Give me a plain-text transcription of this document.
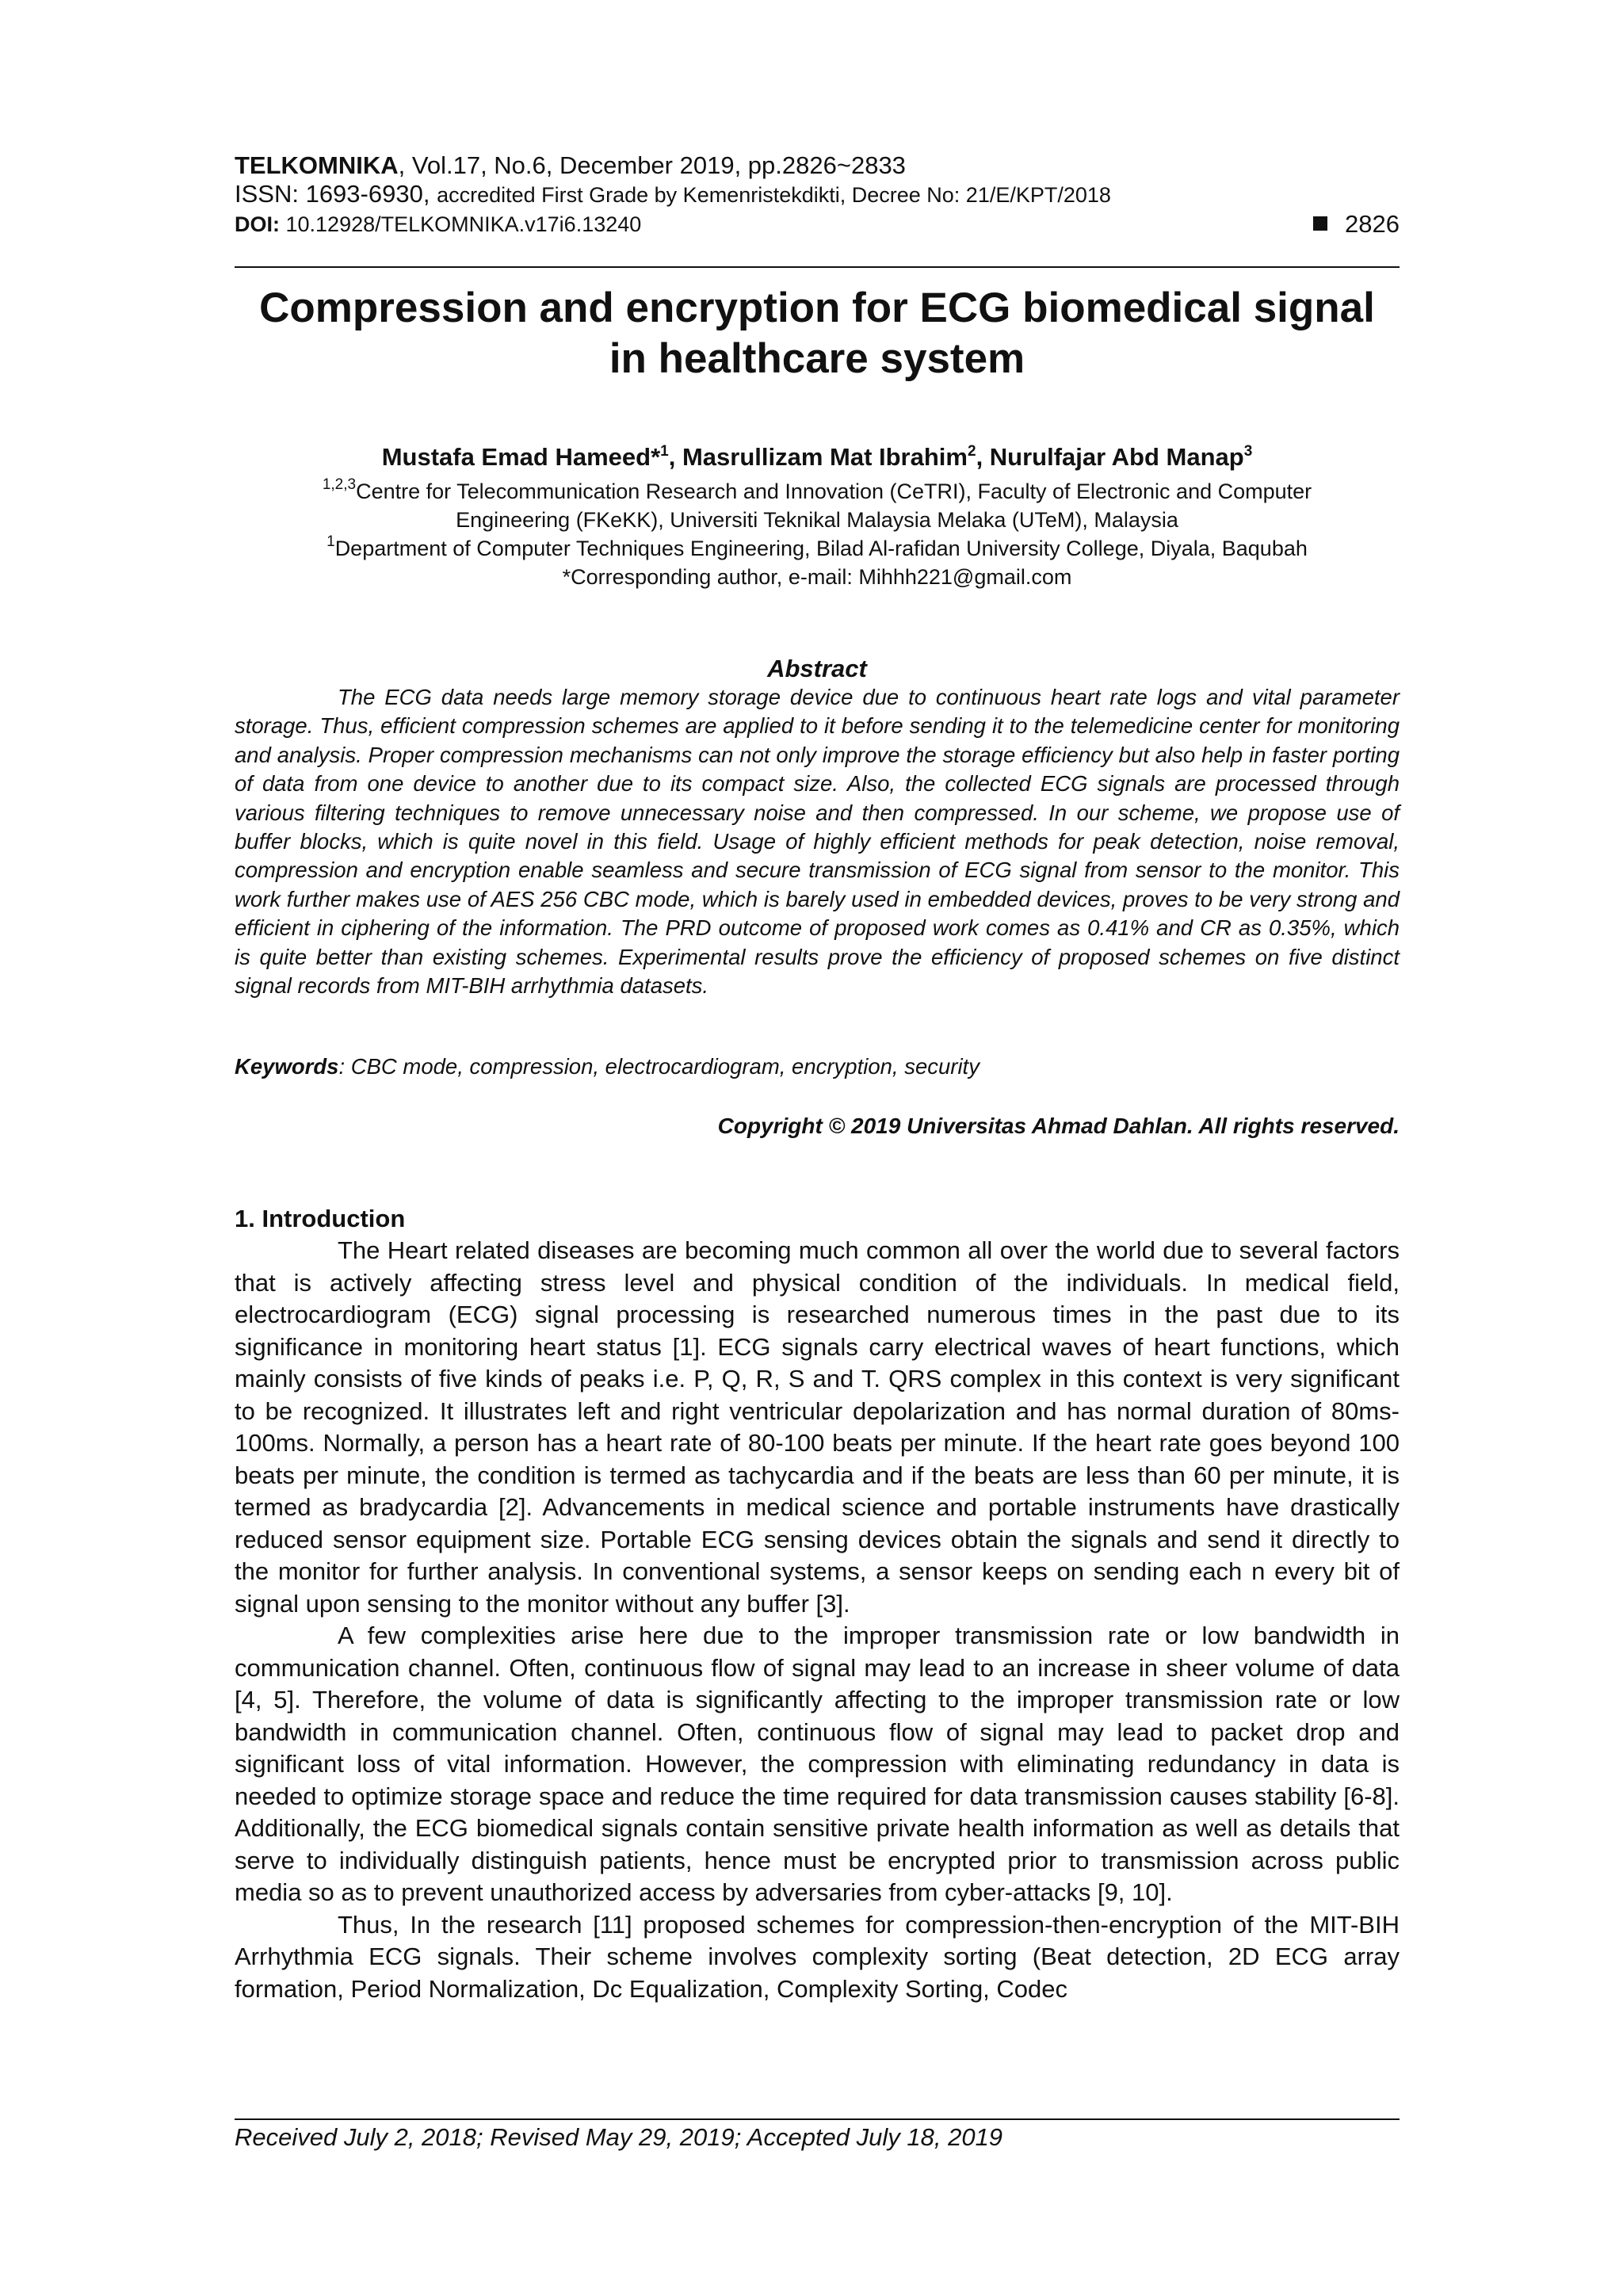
TELKOMNIKA, Vol.17, No.6, December 2019, pp.2826~2833
ISSN: 1693-6930, accredited First Grade by Kemenristekdikti, Decree No: 21/E/KPT/2018
DOI: 10.12928/TELKOMNIKA.v17i6.13240	2826
Compression and encryption for ECG biomedical signal
in healthcare system
Mustafa Emad Hameed*$^1$, Masrullizam Mat Ibrahim$^2$, Nurulfajar Abd Manap$^3$
$^{1,2,3}$Centre for Telecommunication Research and Innovation (CeTRI), Faculty of Electronic and Computer
Engineering (FKeKK), Universiti Teknikal Malaysia Melaka (UTeM), Malaysia
$^1$Department of Computer Techniques Engineering, Bilad Al-rafidan University College, Diyala, Baqubah
*Corresponding author, e-mail: Mihhh221@gmail.com
Abstract
The ECG data needs large memory storage device due to continuous heart rate logs and vital parameter storage. Thus, efficient compression schemes are applied to it before sending it to the telemedicine center for monitoring and analysis. Proper compression mechanisms can not only improve the storage efficiency but also help in faster porting of data from one device to another due to its compact size. Also, the collected ECG signals are processed through various filtering techniques to remove unnecessary noise and then compressed. In our scheme, we propose use of buffer blocks, which is quite novel in this field. Usage of highly efficient methods for peak detection, noise removal, compression and encryption enable seamless and secure transmission of ECG signal from sensor to the monitor. This work further makes use of AES 256 CBC mode, which is barely used in embedded devices, proves to be very strong and efficient in ciphering of the information. The PRD outcome of proposed work comes as 0.41% and CR as 0.35%, which is quite better than existing schemes. Experimental results prove the efficiency of proposed schemes on five distinct signal records from MIT-BIH arrhythmia datasets.
Keywords: CBC mode, compression, electrocardiogram, encryption, security
Copyright © 2019 Universitas Ahmad Dahlan. All rights reserved.
1. Introduction

The Heart related diseases are becoming much common all over the world due to several factors that is actively affecting stress level and physical condition of the individuals. In medical field, electrocardiogram (ECG) signal processing is researched numerous times in the past due to its significance in monitoring heart status [1]. ECG signals carry electrical waves of heart functions, which mainly consists of five kinds of peaks i.e. P, Q, R, S and T. QRS complex in this context is very significant to be recognized. It illustrates left and right ventricular depolarization and has normal duration of 80ms-100ms. Normally, a person has a heart rate of 80-100 beats per minute. If the heart rate goes beyond 100 beats per minute, the condition is termed as tachycardia and if the beats are less than 60 per minute, it is termed as bradycardia [2]. Advancements in medical science and portable instruments have drastically reduced sensor equipment size. Portable ECG sensing devices obtain the signals and send it directly to the monitor for further analysis. In conventional systems, a sensor keeps on sending each n every bit of signal upon sensing to the monitor without any buffer [3].

A few complexities arise here due to the improper transmission rate or low bandwidth in communication channel. Often, continuous flow of signal may lead to an increase in sheer volume of data [4, 5]. Therefore, the volume of data is significantly affecting to the improper transmission rate or low bandwidth in communication channel. Often, continuous flow of signal may lead to packet drop and significant loss of vital information. However, the compression with eliminating redundancy in data is needed to optimize storage space and reduce the time required for data transmission causes stability [6-8]. Additionally, the ECG biomedical signals contain sensitive private health information as well as details that serve to individually distinguish patients, hence must be encrypted prior to transmission across public media so as to prevent unauthorized access by adversaries from cyber-attacks [9, 10].

Thus, In the research [11] proposed schemes for compression-then-encryption of the MIT-BIH Arrhythmia ECG signals. Their scheme involves complexity sorting (Beat detection, 2D ECG array formation, Period Normalization, Dc Equalization, Complexity Sorting, Codec

Received July 2, 2018; Revised May 29, 2019; Accepted July 18, 2019
